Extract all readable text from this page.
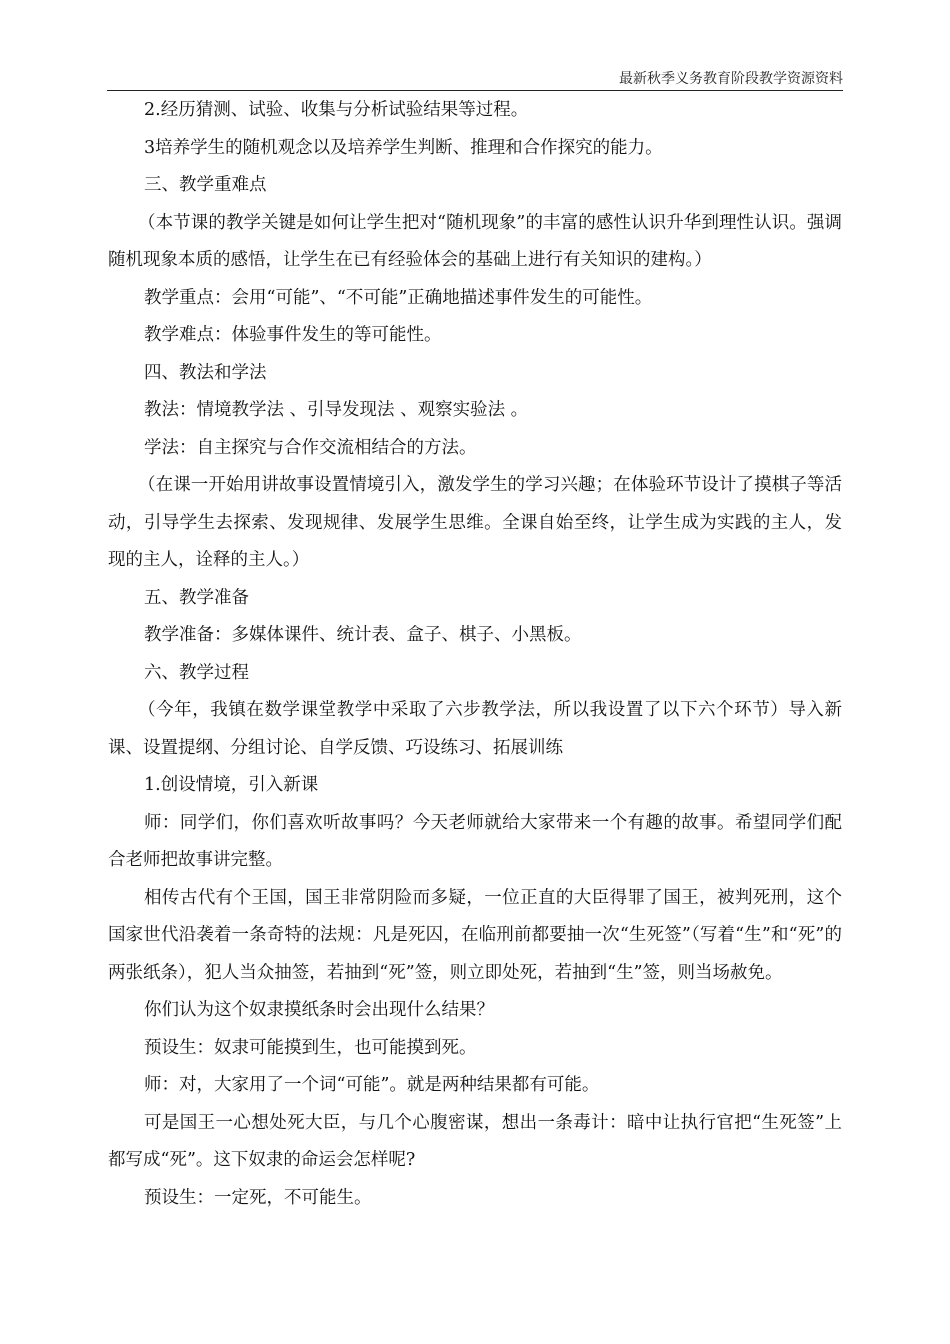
最新秋季义务教育阶段教学资源资料

2.经历猜测、试验、收集与分析试验结果等过程。

3培养学生的随机观念以及培养学生判断、推理和合作探究的能力。

三、教学重难点

（本节课的教学关键是如何让学生把对“随机现象”的丰富的感性认识升华到理性认识。强调随机现象本质的感悟，让学生在已有经验体会的基础上进行有关知识的建构。）

教学重点：会用“可能”、“不可能”正确地描述事件发生的可能性。

教学难点：体验事件发生的等可能性。

四、教法和学法

教法：情境教学法 、引导发现法 、观察实验法 。

学法：自主探究与合作交流相结合的方法。

（在课一开始用讲故事设置情境引入，激发学生的学习兴趣；在体验环节设计了摸棋子等活动，引导学生去探索、发现规律、发展学生思维。全课自始至终，让学生成为实践的主人，发现的主人，诠释的主人。）

五、教学准备

教学准备：多媒体课件、统计表、盒子、棋子、小黑板。

六、教学过程

（今年，我镇在数学课堂教学中采取了六步教学法，所以我设置了以下六个环节）导入新课、设置提纲、分组讨论、自学反馈、巧设练习、拓展训练

1.创设情境，引入新课

师：同学们，你们喜欢听故事吗？今天老师就给大家带来一个有趣的故事。希望同学们配合老师把故事讲完整。

相传古代有个王国，国王非常阴险而多疑，一位正直的大臣得罪了国王，被判死刑，这个国家世代沿袭着一条奇特的法规：凡是死囚，在临刑前都要抽一次“生死签”（写着“生”和“死”的两张纸条），犯人当众抽签，若抽到“死”签，则立即处死，若抽到“生”签，则当场赦免。

你们认为这个奴隶摸纸条时会出现什么结果？

预设生：奴隶可能摸到生，也可能摸到死。

师：对，大家用了一个词“可能”。就是两种结果都有可能。

可是国王一心想处死大臣，与几个心腹密谋，想出一条毒计：暗中让执行官把“生死签”上都写成“死”。这下奴隶的命运会怎样呢?

预设生：一定死，不可能生。
